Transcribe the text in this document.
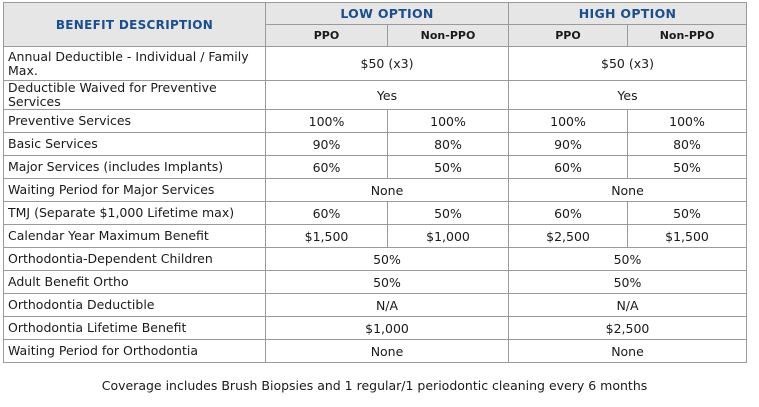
BENEFIT DESCRIPTION	LOW OPTION		HIGH OPTION	
	PPO	Non-PPO	PPO	Non-PPO
Annual Deductible - Individual / Family Max.	$50 (x3)		$50 (x3)	
Deductible Waived for Preventive Services	Yes		Yes	
Preventive Services	100%	100%	100%	100%
Basic Services	90%	80%	90%	80%
Major Services (includes Implants)	60%	50%	60%	50%
Waiting Period for Major Services	None		None	
TMJ (Separate $1,000 Lifetime max)	60%	50%	60%	50%
Calendar Year Maximum Benefit	$1,500	$1,000	$2,500	$1,500
Orthodontia-Dependent Children	50%		50%	
Adult Benefit Ortho	50%		50%	
Orthodontia Deductible	N/A		N/A	
Orthodontia Lifetime Benefit	$1,000		$2,500	
Waiting Period for Orthodontia	None		None	
Coverage includes Brush Biopsies and 1 regular/1 periodontic cleaning every 6 months
